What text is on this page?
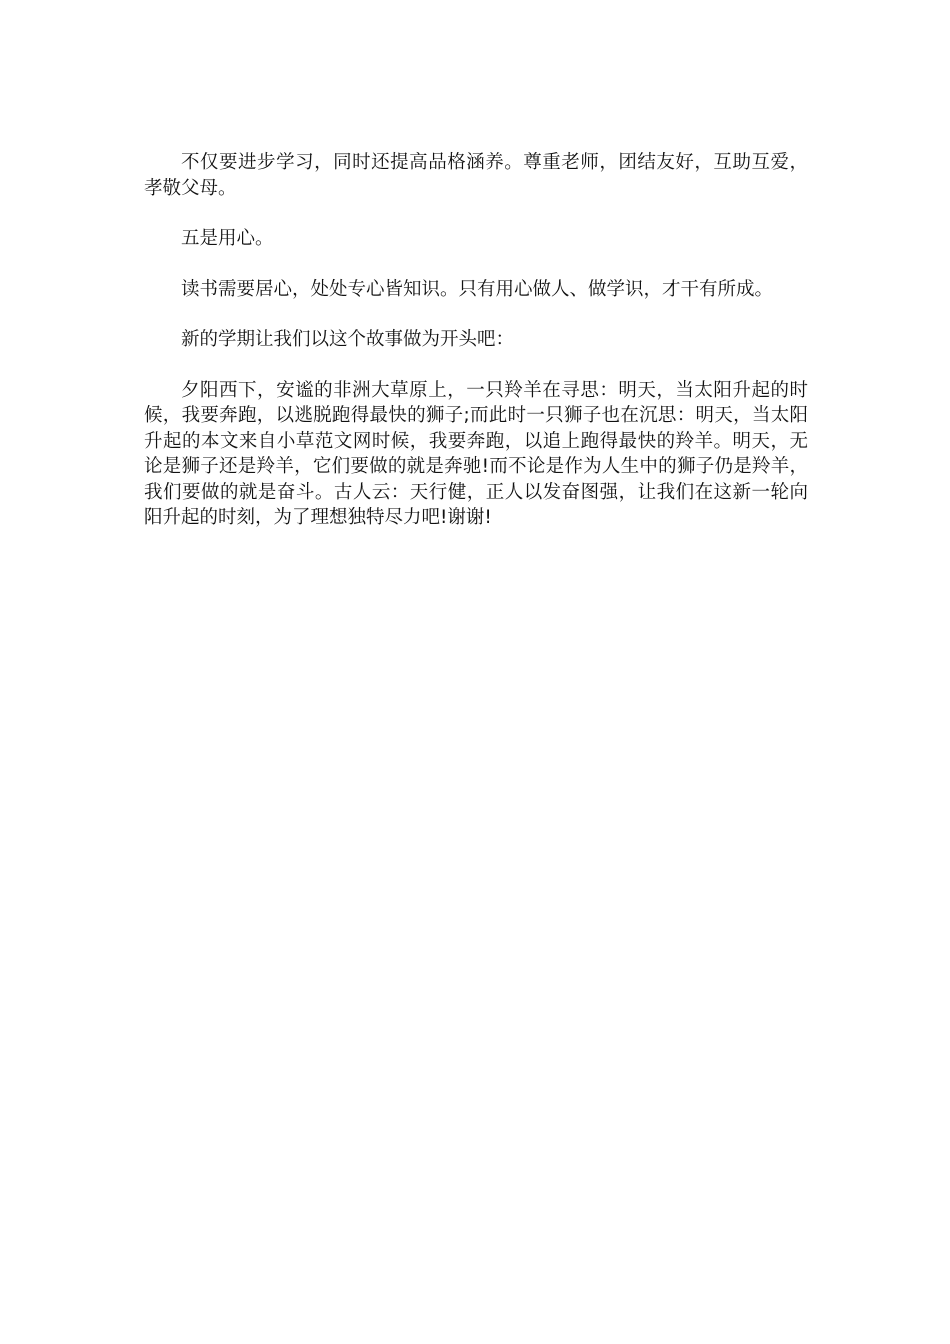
不仅要进步学习，同时还提高品格涵养。尊重老师，团结友好，互助互爱，孝敬父母。

五是用心。

读书需要居心，处处专心皆知识。只有用心做人、做学识，才干有所成。

新的学期让我们以这个故事做为开头吧：

夕阳西下，安谧的非洲大草原上，一只羚羊在寻思：明天，当太阳升起的时候，我要奔跑，以逃脱跑得最快的狮子;而此时一只狮子也在沉思：明天，当太阳升起的本文来自小草范文网时候，我要奔跑，以追上跑得最快的羚羊。明天，无论是狮子还是羚羊，它们要做的就是奔驰!而不论是作为人生中的狮子仍是羚羊，我们要做的就是奋斗。古人云：天行健，正人以发奋图强，让我们在这新一轮向阳升起的时刻，为了理想独特尽力吧!谢谢!
